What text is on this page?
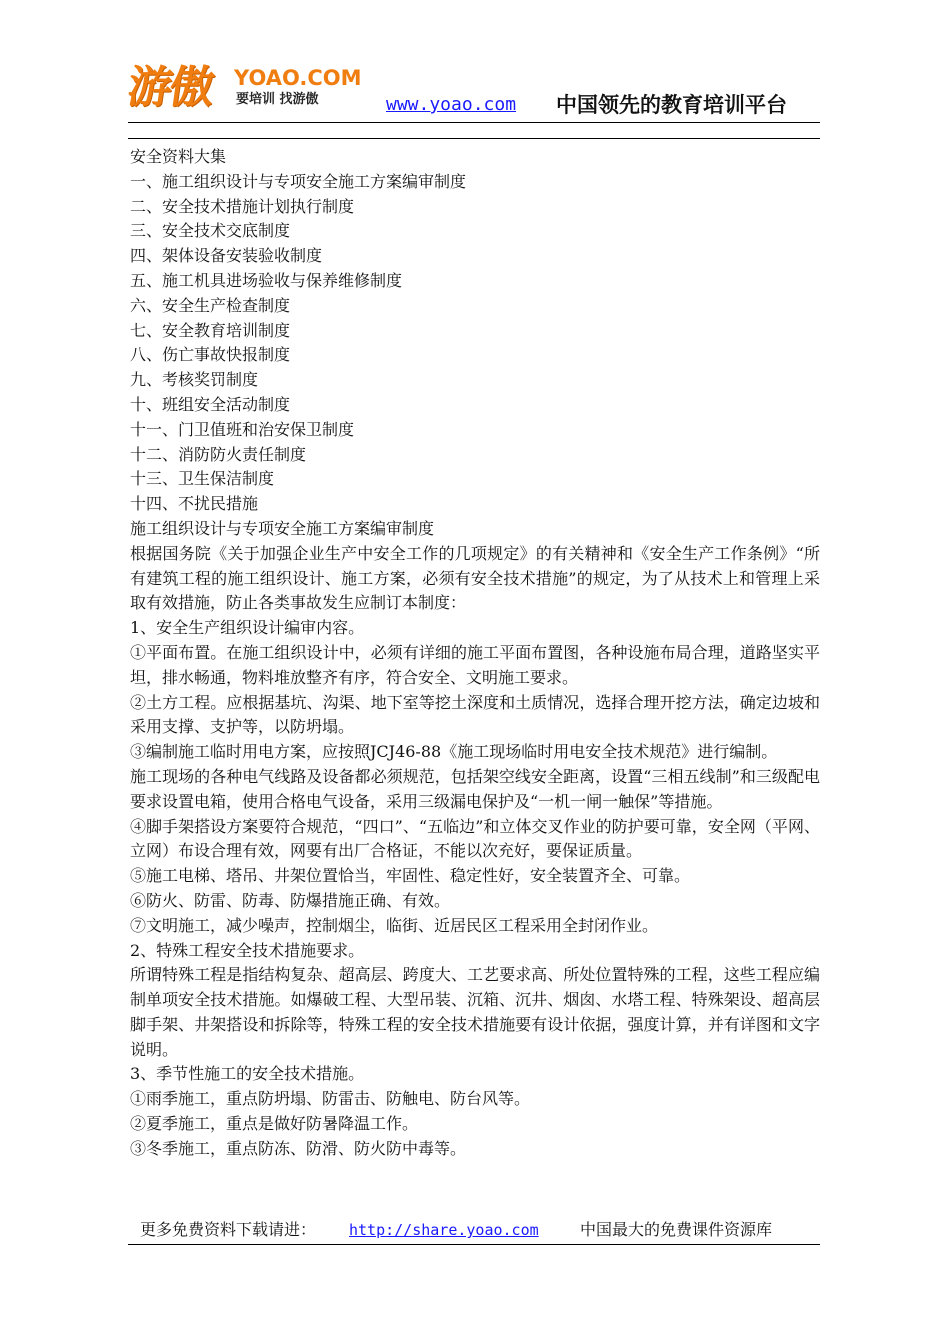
游傲 YOAO.COM
要培训 找游傲	www.yoao.com 中国领先的教育培训平台

安全资料大集

一、施工组织设计与专项安全施工方案编审制度

二、安全技术措施计划执行制度

三、安全技术交底制度

四、架体设备安装验收制度

五、施工机具进场验收与保养维修制度

六、安全生产检查制度

七、安全教育培训制度

八、伤亡事故快报制度

九、考核奖罚制度

十、班组安全活动制度

十一、门卫值班和治安保卫制度

十二、消防防火责任制度

十三、卫生保洁制度

十四、不扰民措施

施工组织设计与专项安全施工方案编审制度

根据国务院《关于加强企业生产中安全工作的几项规定》的有关精神和《安全生产工作条例》“所有建筑工程的施工组织设计、施工方案，必须有安全技术措施”的规定，为了从技术上和管理上采取有效措施，防止各类事故发生应制订本制度：

1、安全生产组织设计编审内容。

①平面布置。在施工组织设计中，必须有详细的施工平面布置图，各种设施布局合理，道路坚实平坦，排水畅通，物料堆放整齐有序，符合安全、文明施工要求。

②土方工程。应根据基坑、沟渠、地下室等挖土深度和土质情况，选择合理开挖方法，确定边坡和采用支撑、支护等，以防坍塌。

③编制施工临时用电方案，应按照JCJ46-88《施工现场临时用电安全技术规范》进行编制。

施工现场的各种电气线路及设备都必须规范，包括架空线安全距离，设置“三相五线制”和三级配电要求设置电箱，使用合格电气设备，采用三级漏电保护及“一机一闸一触保”等措施。

④脚手架搭设方案要符合规范，“四口”、“五临边”和立体交叉作业的防护要可靠，安全网（平网、立网）布设合理有效，网要有出厂合格证，不能以次充好，要保证质量。

⑤施工电梯、塔吊、井架位置恰当，牢固性、稳定性好，安全装置齐全、可靠。

⑥防火、防雷、防毒、防爆措施正确、有效。

⑦文明施工，减少噪声，控制烟尘，临街、近居民区工程采用全封闭作业。

2、特殊工程安全技术措施要求。

所谓特殊工程是指结构复杂、超高层、跨度大、工艺要求高、所处位置特殊的工程，这些工程应编制单项安全技术措施。如爆破工程、大型吊装、沉箱、沉井、烟囱、水塔工程、特殊架设、超高层脚手架、井架搭设和拆除等，特殊工程的安全技术措施要有设计依据，强度计算，并有详图和文字说明。

3、季节性施工的安全技术措施。

①雨季施工，重点防坍塌、防雷击、防触电、防台风等。

②夏季施工，重点是做好防暑降温工作。

③冬季施工，重点防冻、防滑、防火防中毒等。

更多免费资料下载请进： http://share.yoao.com	中国最大的免费课件资源库
